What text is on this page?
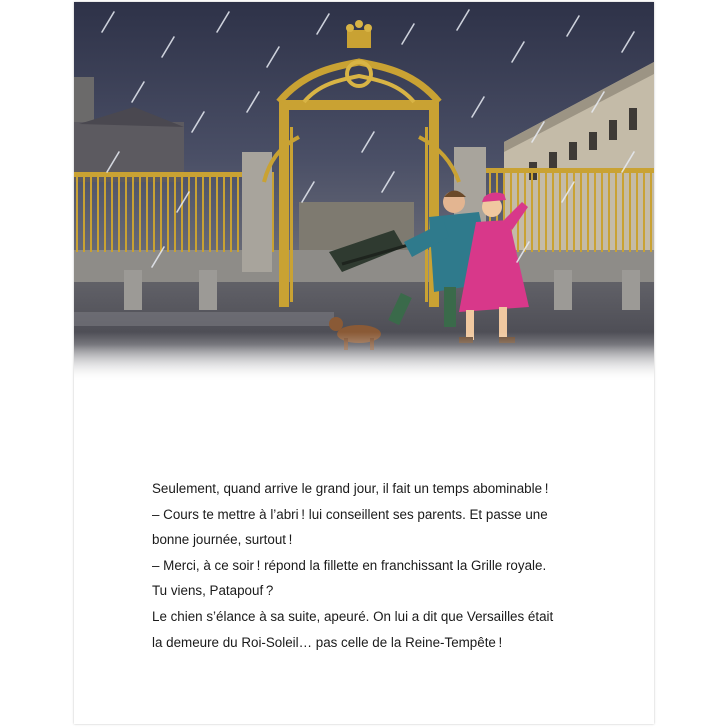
Seulement, quand arrive le grand jour, il fait un temps abominable !

– Cours te mettre à l’abri ! lui conseillent ses parents. Et passe une

bonne journée, surtout !

– Merci, à ce soir ! répond la fillette en franchissant la Grille royale.

Tu viens, Patapouf ?

Le chien s’élance à sa suite, apeuré. On lui a dit que Versailles était

la demeure du Roi-Soleil… pas celle de la Reine-Tempête !
